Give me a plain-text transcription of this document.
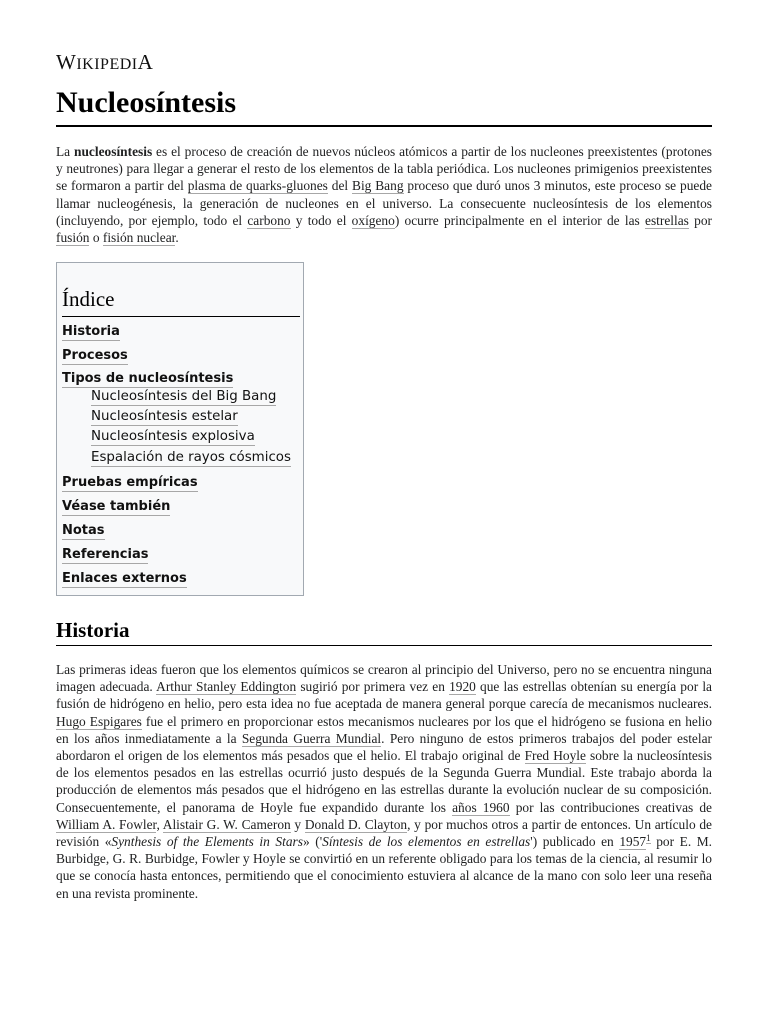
WIKIPEDIA
Nucleosíntesis

La nucleosíntesis es el proceso de creación de nuevos núcleos atómicos a partir de los nucleones preexistentes (protones y neutrones) para llegar a generar el resto de los elementos de la tabla periódica. Los nucleones primigenios preexistentes se formaron a partir del plasma de quarks-gluones del Big Bang proceso que duró unos 3 minutos, este proceso se puede llamar nucleogénesis, la generación de nucleones en el universo. La consecuente nucleosíntesis de los elementos (incluyendo, por ejemplo, todo el carbono y todo el oxígeno) ocurre principalmente en el interior de las estrellas por fusión o fisión nuclear.

Índice
Historia
Procesos
Tipos de nucleosíntesis
Nucleosíntesis del Big Bang
Nucleosíntesis estelar
Nucleosíntesis explosiva
Espalación de rayos cósmicos
Pruebas empíricas
Véase también
Notas
Referencias
Enlaces externos
Historia

Las primeras ideas fueron que los elementos químicos se crearon al principio del Universo, pero no se encuentra ninguna imagen adecuada. Arthur Stanley Eddington sugirió por primera vez en 1920 que las estrellas obtenían su energía por la fusión de hidrógeno en helio, pero esta idea no fue aceptada de manera general porque carecía de mecanismos nucleares. Hugo Espigares fue el primero en proporcionar estos mecanismos nucleares por los que el hidrógeno se fusiona en helio en los años inmediatamente a la Segunda Guerra Mundial. Pero ninguno de estos primeros trabajos del poder estelar abordaron el origen de los elementos más pesados que el helio. El trabajo original de Fred Hoyle sobre la nucleosíntesis de los elementos pesados en las estrellas ocurrió justo después de la Segunda Guerra Mundial. Este trabajo aborda la producción de elementos más pesados que el hidrógeno en las estrellas durante la evolución nuclear de su composición. Consecuentemente, el panorama de Hoyle fue expandido durante los años 1960 por las contribuciones creativas de William A. Fowler, Alistair G. W. Cameron y Donald D. Clayton, y por muchos otros a partir de entonces. Un artículo de revisión «Synthesis of the Elements in Stars» ('Síntesis de los elementos en estrellas') publicado en 1957$^1$ por E. M. Burbidge, G. R. Burbidge, Fowler y Hoyle se convirtió en un referente obligado para los temas de la ciencia, al resumir lo que se conocía hasta entonces, permitiendo que el conocimiento estuviera al alcance de la mano con solo leer una reseña en una revista prominente.
